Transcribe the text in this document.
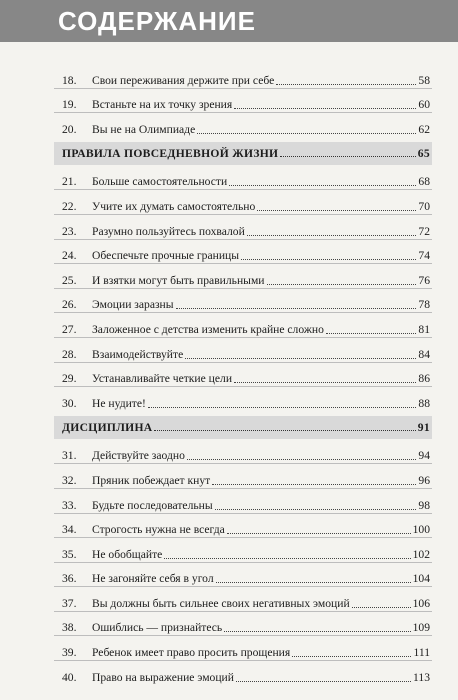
СОДЕРЖАНИЕ
18.	Свои переживания держите при себе	58
19.	Встаньте на их точку зрения	60
20.	Вы не на Олимпиаде	62
ПРАВИЛА ПОВСЕДНЕВНОЙ ЖИЗНИ	65
21.	Больше самостоятельности	68
22.	Учите их думать самостоятельно	70
23.	Разумно пользуйтесь похвалой	72
24.	Обеспечьте прочные границы	74
25.	И взятки могут быть правильными	76
26.	Эмоции заразны	78
27.	Заложенное с детства изменить крайне сложно	81
28.	Взаимодействуйте	84
29.	Устанавливайте четкие цели	86
30.	Не нудите!	88
ДИСЦИПЛИНА	91
31.	Действуйте заодно	94
32.	Пряник побеждает кнут	96
33.	Будьте последовательны	98
34.	Строгость нужна не всегда	100
35.	Не обобщайте	102
36.	Не загоняйте себя в угол	104
37.	Вы должны быть сильнее своих негативных эмоций	106
38.	Ошиблись — признайтесь	109
39.	Ребенок имеет право просить прощения	111
40.	Право на выражение эмоций	113
